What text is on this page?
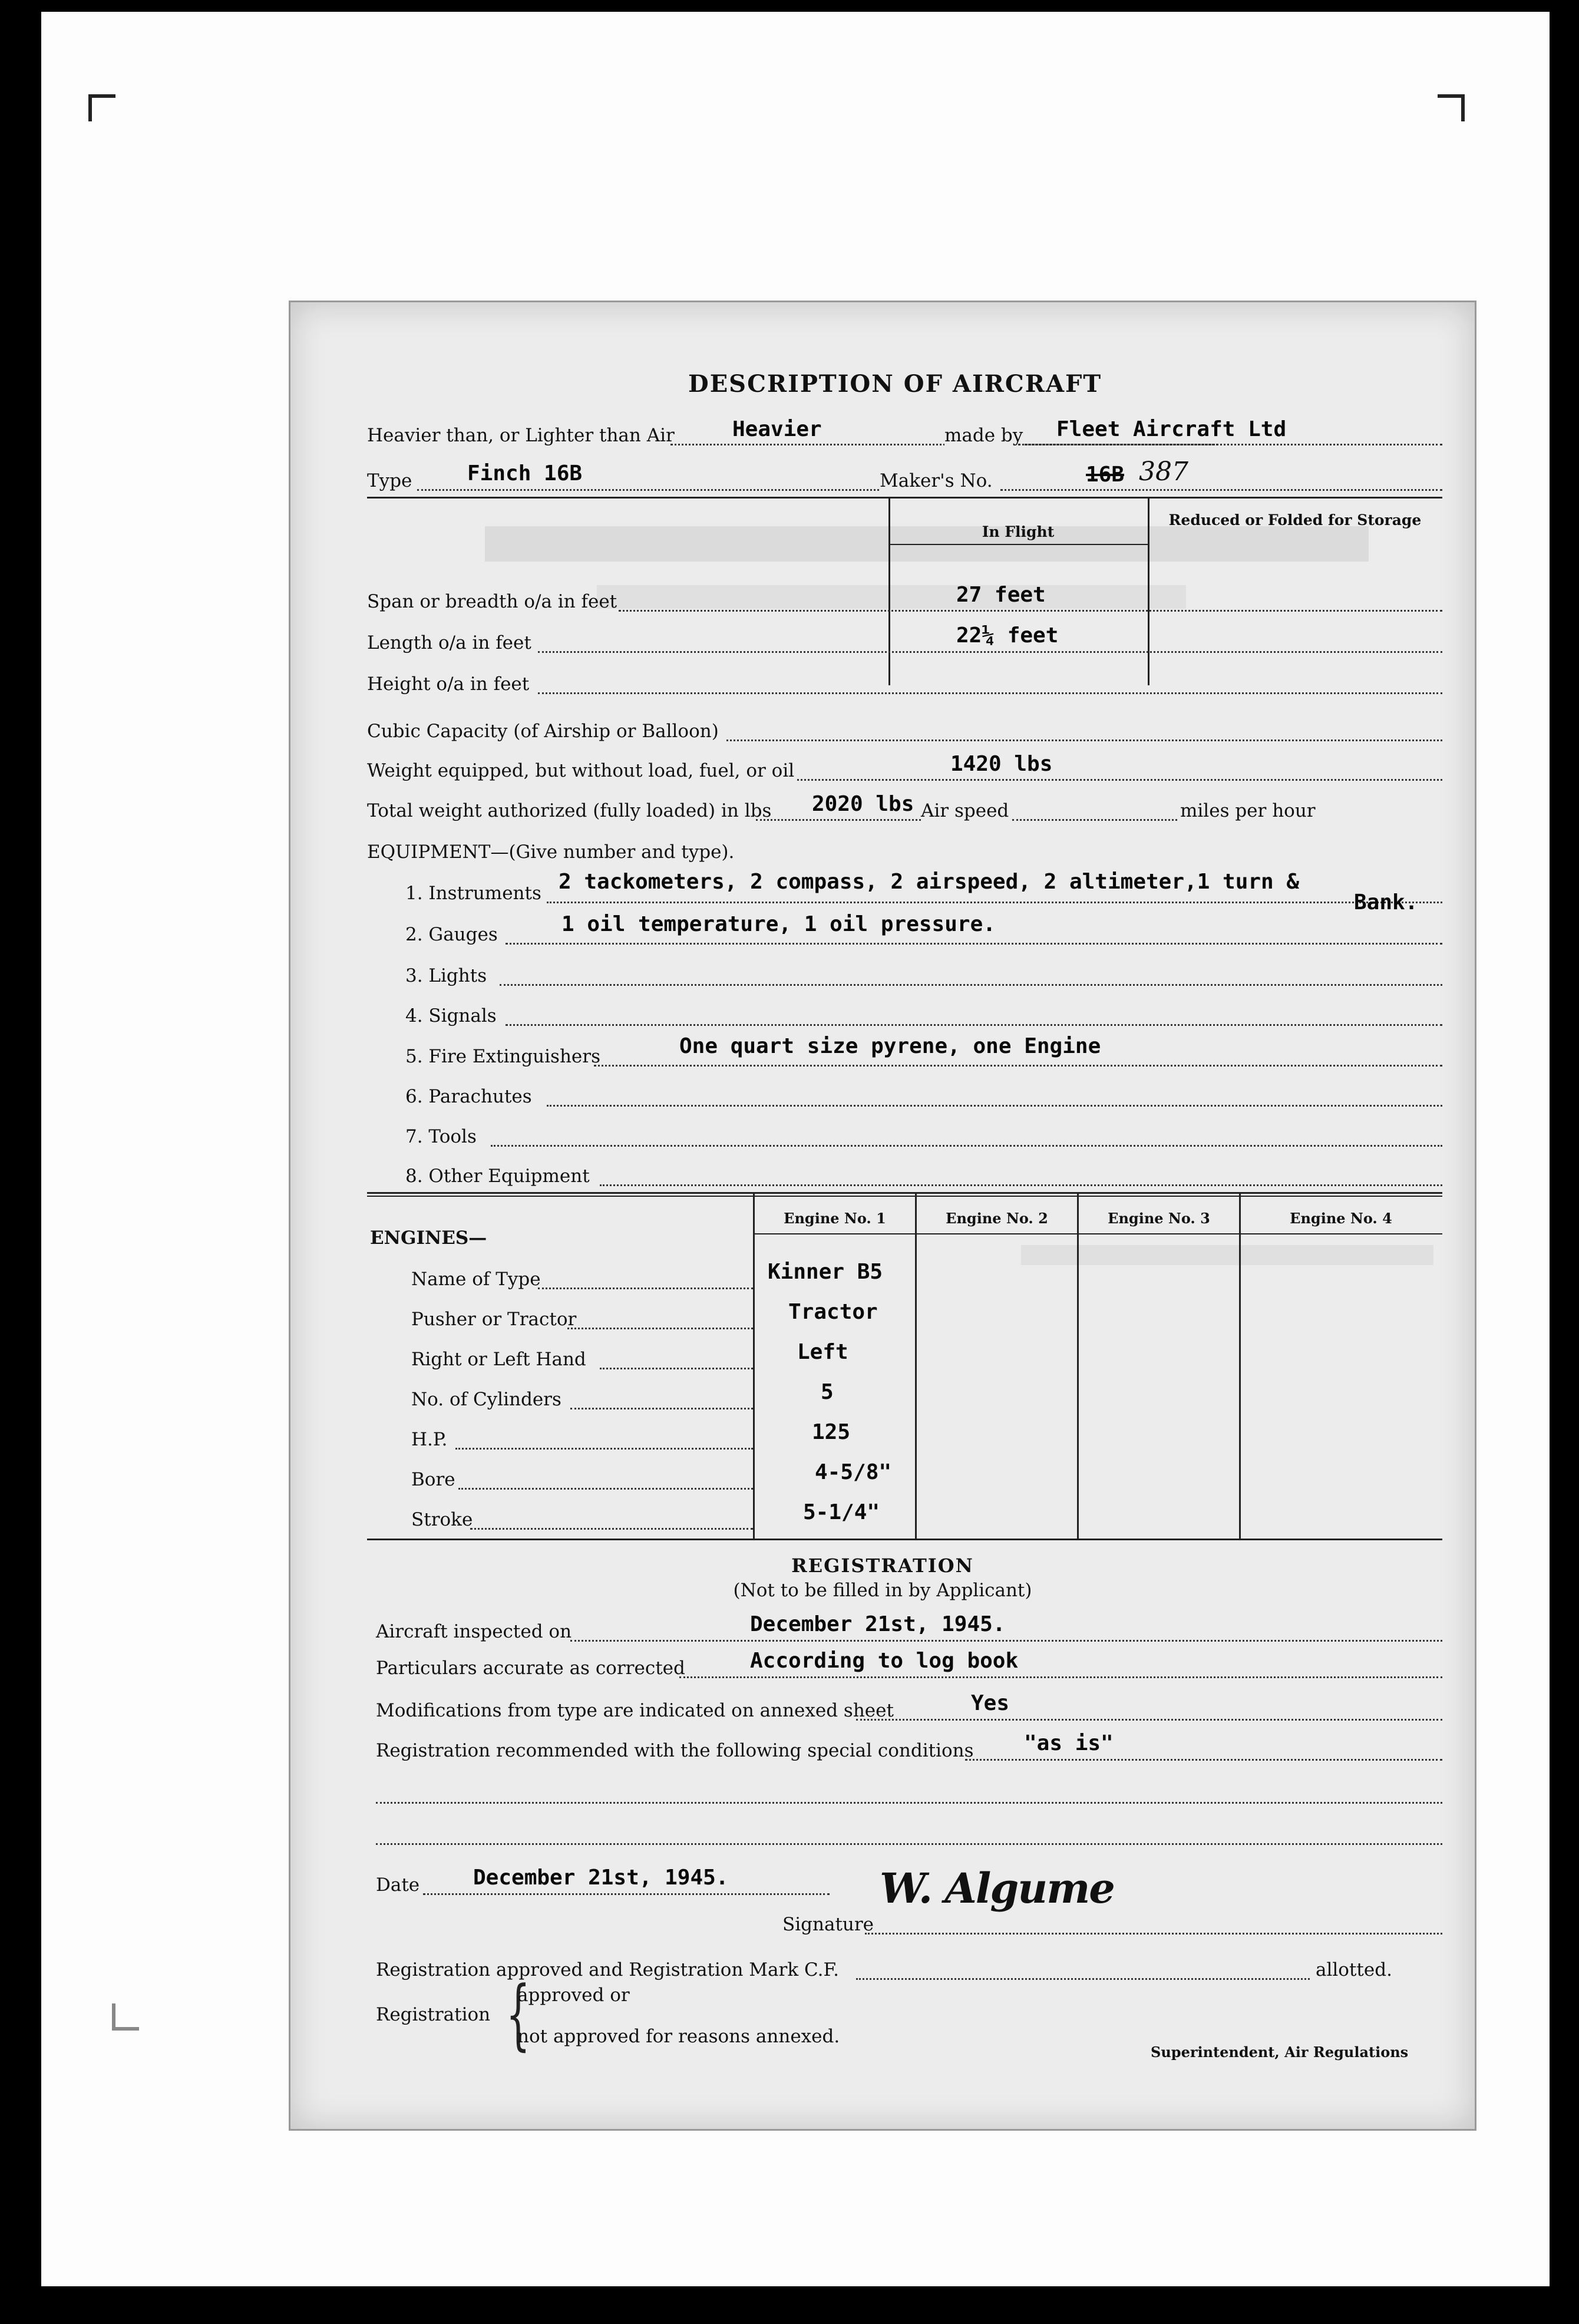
DESCRIPTION OF AIRCRAFT
Heavier than, or Lighter than Air	Heavier	made by Fleet Aircraft Ltd
Type	Finch 16B	Maker's No.	16B 387
In Flight
Reduced or Folded for Storage
Span or breadth o/a in feet	27 feet
Length o/a in feet	22¼ feet
Height o/a in feet
Cubic Capacity (of Airship or Balloon)
Weight equipped, but without load, fuel, or oil	1420 lbs
Total weight authorized (fully loaded) in lbs 2020 lbs Air speed	miles per hour
EQUIPMENT—(Give number and type).
1. Instruments 2 tackometers, 2 compass, 2 airspeed, 2 altimeter,1 turn &
Bank.
2. Gauges	1 oil temperature, 1 oil pressure.
3. Lights
4. Signals
5. Fire Extinguishers	One quart size pyrene, one Engine
6. Parachutes
7. Tools
8. Other Equipment
ENGINES—
Engine No. 1	Engine No. 2	Engine No. 3	Engine No. 4
Name of Type	Kinner B5
Pusher or Tractor	Tractor
Right or Left Hand	Left
No. of Cylinders	5
H.P.	125
Bore	4-5/8"
Stroke	5-1/4"
REGISTRATION
(Not to be filled in by Applicant)
Aircraft inspected on	December 21st, 1945.
Particulars accurate as corrected	According to log book
Modifications from type are indicated on annexed sheet	Yes
Registration recommended with the following special conditions "as is"
Date	December 21st, 1945.
Signature
W. Algume
Registration approved and Registration Mark C.F.	allotted.
Registration {
approved or
not approved for reasons annexed.
Superintendent, Air Regulations
